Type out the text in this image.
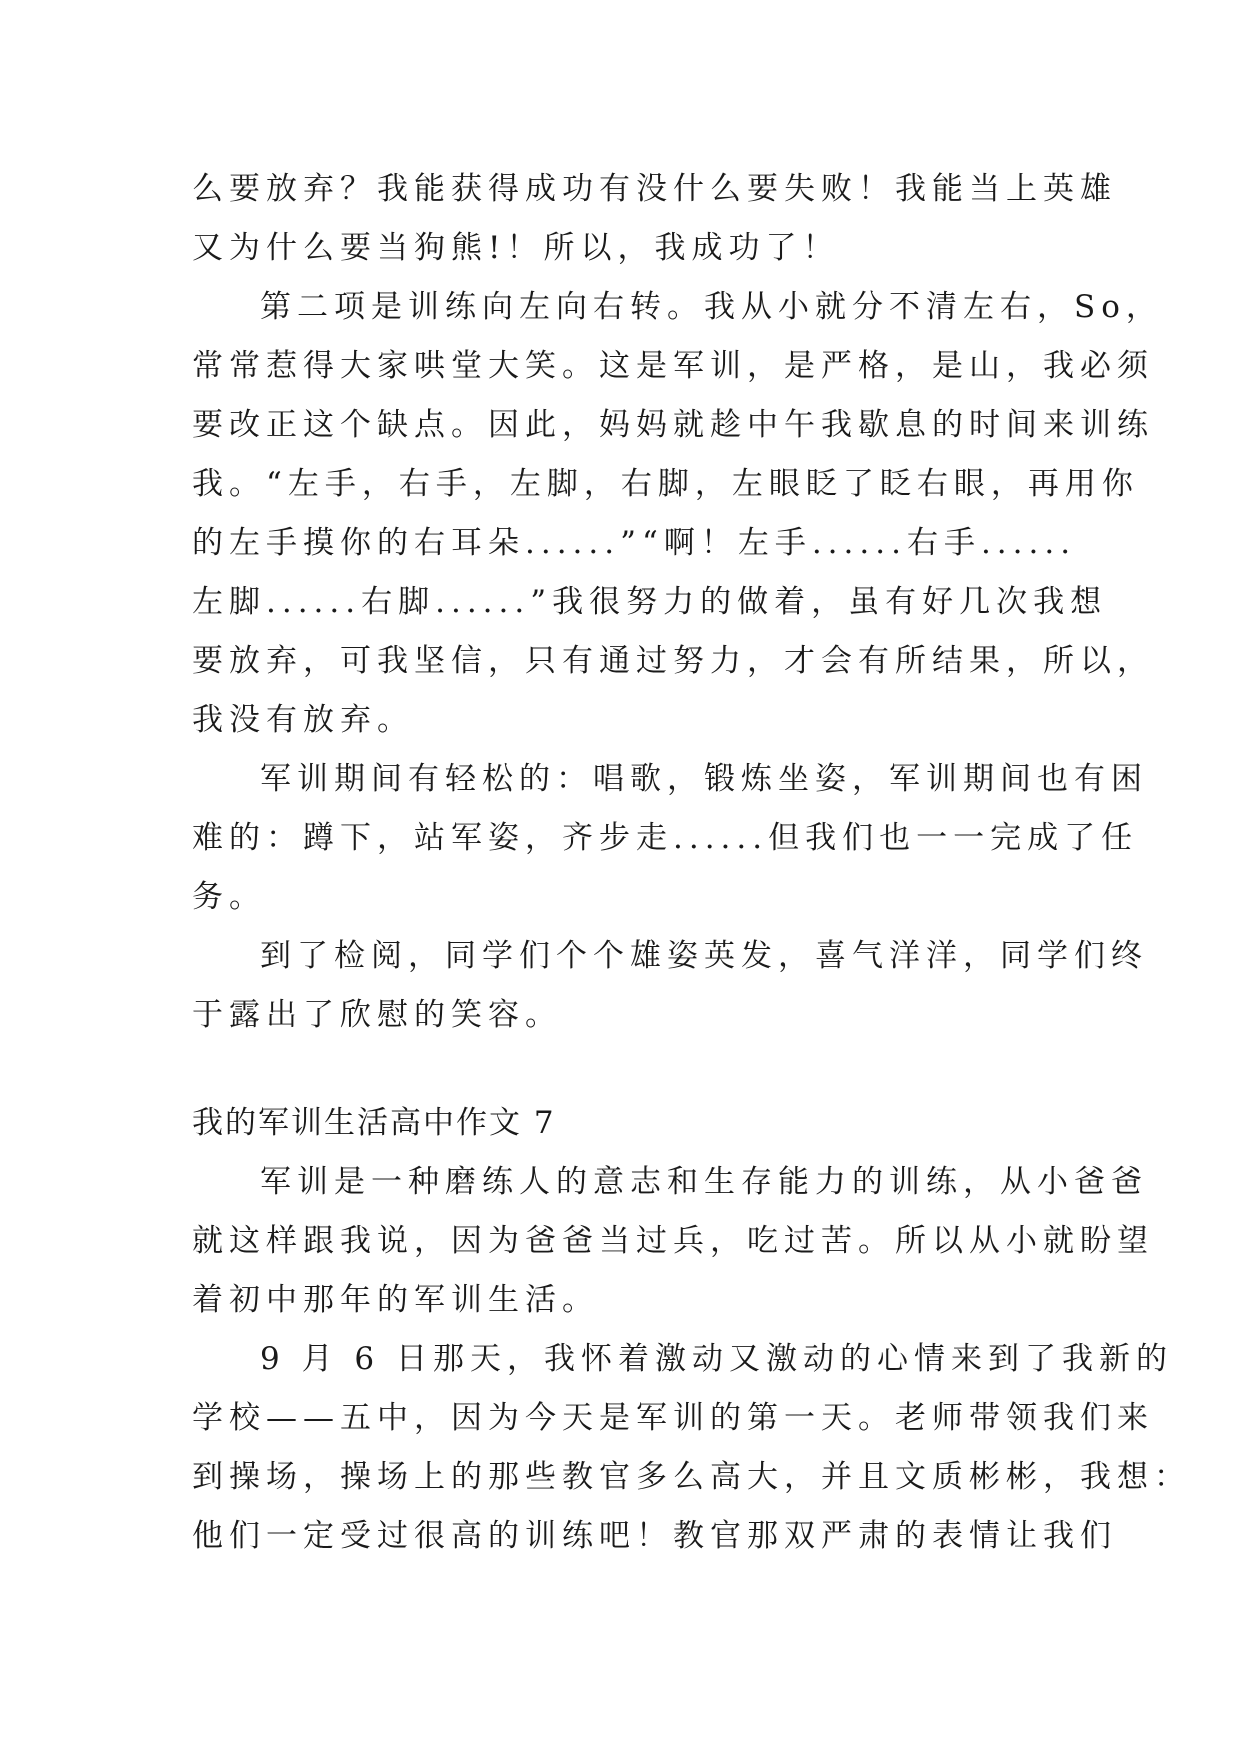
么要放弃？我能获得成功有没什么要失败！我能当上英雄
又为什么要当狗熊!！所以，我成功了！
第二项是训练向左向右转。我从小就分不清左右，So，
常常惹得大家哄堂大笑。这是军训，是严格，是山，我必须
要改正这个缺点。因此，妈妈就趁中午我歇息的时间来训练
我。“左手，右手，左脚，右脚，左眼眨了眨右眼，再用你
的左手摸你的右耳朵......”“啊！左手......右手......
左脚......右脚......”我很努力的做着，虽有好几次我想
要放弃，可我坚信，只有通过努力，才会有所结果，所以，
我没有放弃。
军训期间有轻松的：唱歌，锻炼坐姿，军训期间也有困
难的：蹲下，站军姿，齐步走......但我们也一一完成了任
务。
到了检阅，同学们个个雄姿英发，喜气洋洋，同学们终
于露出了欣慰的笑容。
我的军训生活高中作文 7
军训是一种磨练人的意志和生存能力的训练，从小爸爸
就这样跟我说，因为爸爸当过兵，吃过苦。所以从小就盼望
着初中那年的军训生活。
9 月 6 日那天，我怀着激动又激动的心情来到了我新的
学校——五中，因为今天是军训的第一天。老师带领我们来
到操场，操场上的那些教官多么高大，并且文质彬彬，我想：
他们一定受过很高的训练吧！教官那双严肃的表情让我们
